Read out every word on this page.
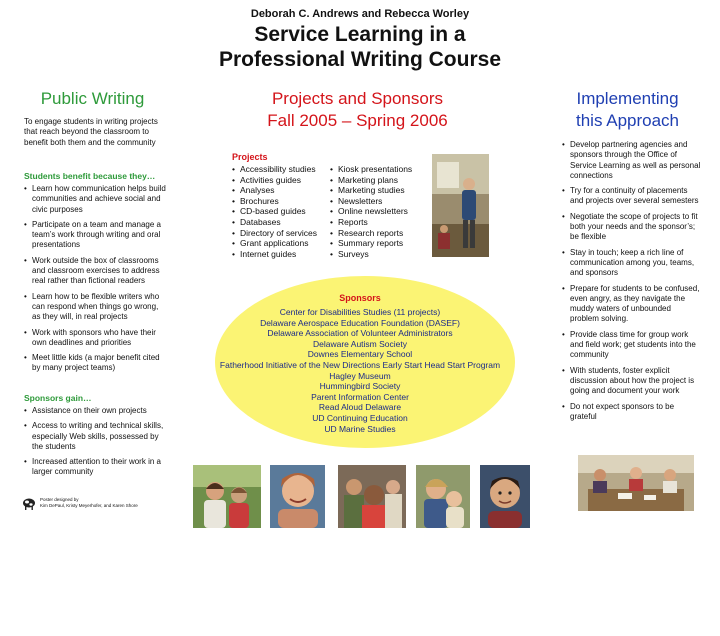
Deborah C. Andrews and Rebecca Worley
Service Learning in a
Professional Writing Course
Public Writing	Projects and Sponsors
Fall 2005 – Spring 2006
Implementing
this Approach
To engage students in writing projects that reach beyond the classroom to benefit both them and the community
Students benefit because they…
• Learn how communication helps build communities and achieve social and civic purposes
• Participate on a team and manage a team’s work through writing and oral presentations
• Work outside the box of classrooms and classroom exercises to address real rather than fictional readers
• Learn how to be flexible writers who can respond when things go wrong, as they will, in real projects
• Work with sponsors who have their own deadlines and priorities
• Meet little kids (a major benefit cited by many project teams)
Sponsors gain…
• Assistance on their own projects
• Access to writing and technical skills, especially Web skills, possessed by the students
• Increased attention to their work in a larger community
Poster designed by
Kim DePaul, Kristy Meyerhofer, and Karen Shore
Projects
• Accessibility studies
• Activities guides
• Analyses
• Brochures
• CD-based guides
• Databases
• Directory of services
• Grant applications
• Internet guides
• Kiosk presentations
• Marketing plans
• Marketing studies
• Newsletters
• Online newsletters
• Reports
• Research reports
• Summary reports
• Surveys
Sponsors
Center for Disabilities Studies (11 projects)
Delaware Aerospace Education Foundation (DASEF)
Delaware Association of Volunteer Administrators
Delaware Autism Society
Downes Elementary School
Fatherhood Initiative of the New Directions Early Start Head Start Program
Hagley Museum
Hummingbird Society
Parent Information Center
Read Aloud Delaware
UD Continuing Education
UD Marine Studies
• Develop partnering agencies and sponsors through the Office of Service Learning as well as personal connections
• Try for a continuity of placements and projects over several semesters
• Negotiate the scope of projects to fit both your needs and the sponsor’s; be flexible
• Stay in touch; keep a rich line of communication among you, teams, and sponsors
• Prepare for students to be confused, even angry, as they navigate the muddy waters of unbounded problem solving.
• Provide class time for group work and field work; get students into the community
• With students, foster explicit discussion about how the project is going and document your work
• Do not expect sponsors to be grateful
